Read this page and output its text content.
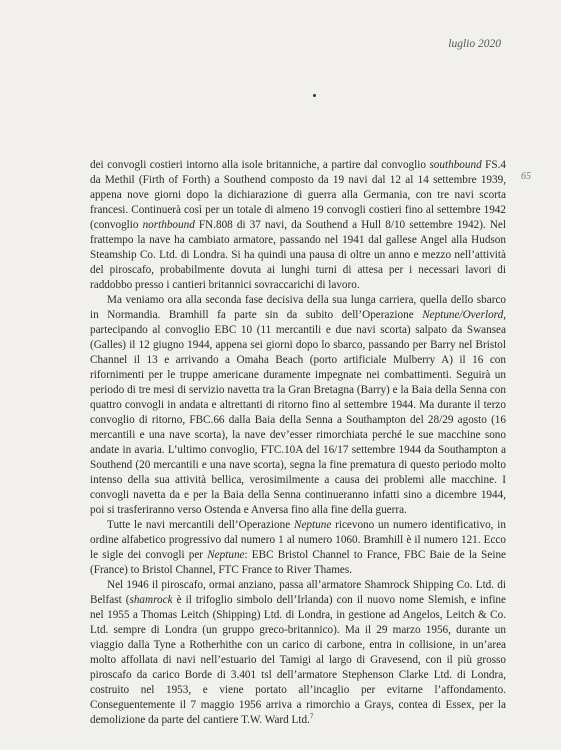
luglio 2020
65

dei convogli costieri intorno alla isole britanniche, a partire dal convoglio southbound FS.4 da Methil (Firth of Forth) a Southend composto da 19 navi dal 12 al 14 settembre 1939, appena nove giorni dopo la dichiarazione di guerra alla Germania, con tre navi scorta francesi. Continuerà così per un totale di almeno 19 convogli costieri fino al settembre 1942 (convoglio northbound FN.808 di 37 navi, da Southend a Hull 8/10 settembre 1942). Nel frattempo la nave ha cambiato armatore, passando nel 1941 dal gallese Angel alla Hudson Steamship Co. Ltd. di Londra. Si ha quindi una pausa di oltre un anno e mezzo nell’attività del piroscafo, probabilmente dovuta ai lunghi turni di attesa per i necessari lavori di raddobbo presso i cantieri britannici sovraccarichi di lavoro.

Ma veniamo ora alla seconda fase decisiva della sua lunga carriera, quella dello sbarco in Normandia. Bramhill fa parte sin da subito dell’Operazione Neptune/Overlord, partecipando al convoglio EBC 10 (11 mercantili e due navi scorta) salpato da Swansea (Galles) il 12 giugno 1944, appena sei giorni dopo lo sbarco, passando per Barry nel Bristol Channel il 13 e arrivando a Omaha Beach (porto artificiale Mulberry A) il 16 con rifornimenti per le truppe americane duramente impegnate nei combattimenti. Seguirà un periodo di tre mesi di servizio navetta tra la Gran Bretagna (Barry) e la Baia della Senna con quattro convogli in andata e altrettanti di ritorno fino al settembre 1944. Ma durante il terzo convoglio di ritorno, FBC.66 dalla Baia della Senna a Southampton del 28/29 agosto (16 mercantili e una nave scorta), la nave dev’esser rimorchiata perché le sue macchine sono andate in avaria. L’ultimo convoglio, FTC.10A del 16/17 settembre 1944 da Southampton a Southend (20 mercantili e una nave scorta), segna la fine prematura di questo periodo molto intenso della sua attività bellica, verosimilmente a causa dei problemi alle macchine. I convogli navetta da e per la Baia della Senna continueranno infatti sino a dicembre 1944, poi si trasferiranno verso Ostenda e Anversa fino alla fine della guerra.

Tutte le navi mercantili dell’Operazione Neptune ricevono un numero identificativo, in ordine alfabetico progressivo dal numero 1 al numero 1060. Bramhill è il numero 121. Ecco le sigle dei convogli per Neptune: EBC Bristol Channel to France, FBC Baie de la Seine (France) to Bristol Channel, FTC France to River Thames.

Nel 1946 il piroscafo, ormai anziano, passa all’armatore Shamrock Shipping Co. Ltd. di Belfast (shamrock è il trifoglio simbolo dell’Irlanda) con il nuovo nome Slemish, e infine nel 1955 a Thomas Leitch (Shipping) Ltd. di Londra, in gestione ad Angelos, Leitch & Co. Ltd. sempre di Londra (un gruppo greco-britannico). Ma il 29 marzo 1956, durante un viaggio dalla Tyne a Rotherhithe con un carico di carbone, entra in collisione, in un’area molto affollata di navi nell’estuario del Tamigi al largo di Gravesend, con il più grosso piroscafo da carico Borde di 3.401 tsl dell’armatore Stephenson Clarke Ltd. di Londra, costruito nel 1953, e viene portato all’incaglio per evitarne l’affondamento. Conseguentemente il 7 maggio 1956 arriva a rimorchio a Grays, contea di Essex, per la demolizione da parte del cantiere T.W. Ward Ltd.$^7$
